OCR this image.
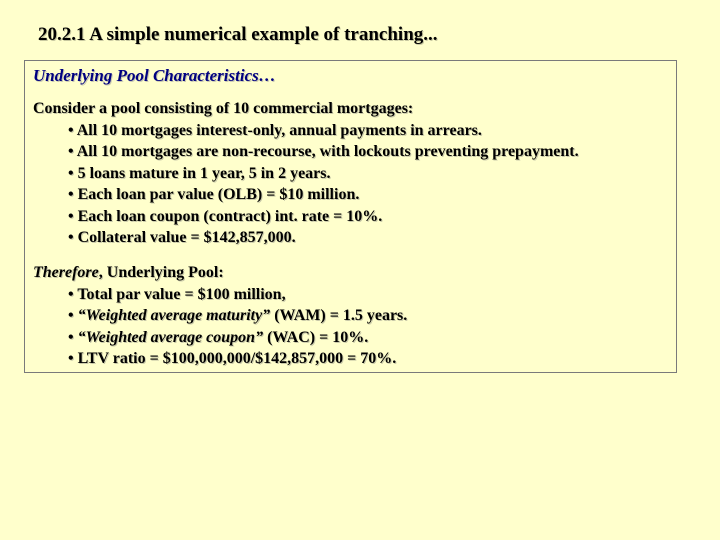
20.2.1 A simple numerical example of tranching...
Underlying Pool Characteristics…
Consider a pool consisting of 10 commercial mortgages:
• All 10 mortgages interest-only, annual payments in arrears.
• All 10 mortgages are non-recourse, with lockouts preventing prepayment.
• 5 loans mature in 1 year, 5 in 2 years.
• Each loan par value (OLB) = $10 million.
• Each loan coupon (contract) int. rate = 10%.
• Collateral value = $142,857,000.
Therefore, Underlying Pool:
• Total par value = $100 million,
• “Weighted average maturity” (WAM) = 1.5 years.
• “Weighted average coupon” (WAC) = 10%.
• LTV ratio = $100,000,000/$142,857,000 = 70%.
